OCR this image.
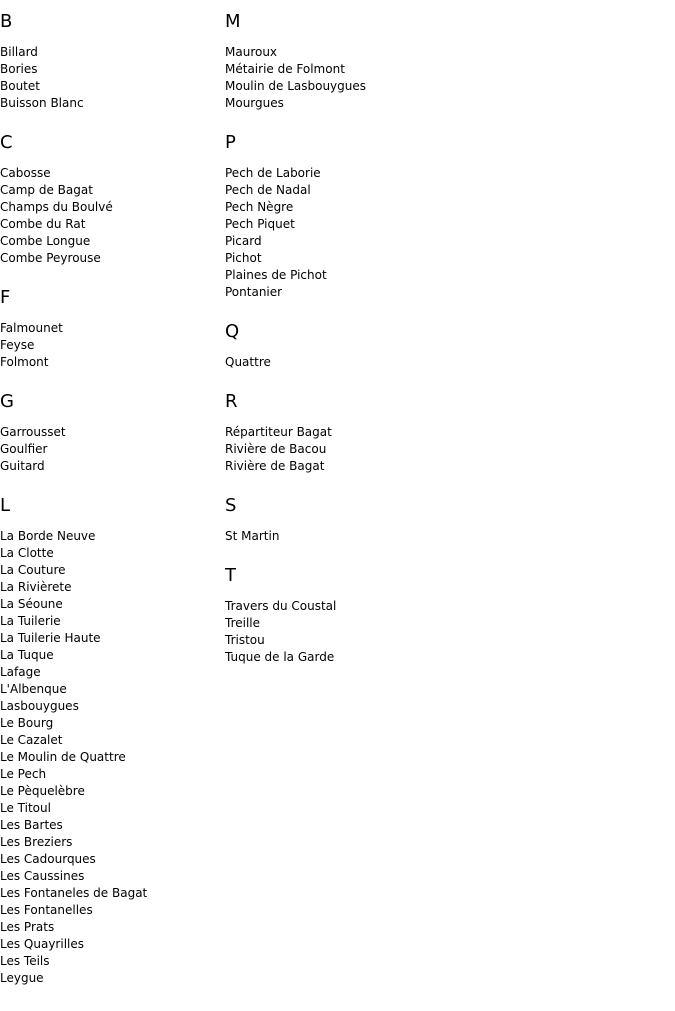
B
Billard
Bories
Boutet
Buisson Blanc
C
Cabosse
Camp de Bagat
Champs du Boulvé
Combe du Rat
Combe Longue
Combe Peyrouse
F
Falmounet
Feyse
Folmont
G
Garrousset
Goulfier
Guitard
L
La Borde Neuve
La Clotte
La Couture
La Rivièrete
La Séoune
La Tuilerie
La Tuilerie Haute
La Tuque
Lafage
L'Albenque
Lasbouygues
Le Bourg
Le Cazalet
Le Moulin de Quattre
Le Pech
Le Pèquelèbre
Le Titoul
Les Bartes
Les Breziers
Les Cadourques
Les Caussines
Les Fontaneles de Bagat
Les Fontanelles
Les Prats
Les Quayrilles
Les Teils
Leygue
M
Mauroux
Métairie de Folmont
Moulin de Lasbouygues
Mourgues
P
Pech de Laborie
Pech de Nadal
Pech Nègre
Pech Piquet
Picard
Pichot
Plaines de Pichot
Pontanier
Q
Quattre
R
Répartiteur Bagat
Rivière de Bacou
Rivière de Bagat
S
St Martin
T
Travers du Coustal
Treille
Tristou
Tuque de la Garde
